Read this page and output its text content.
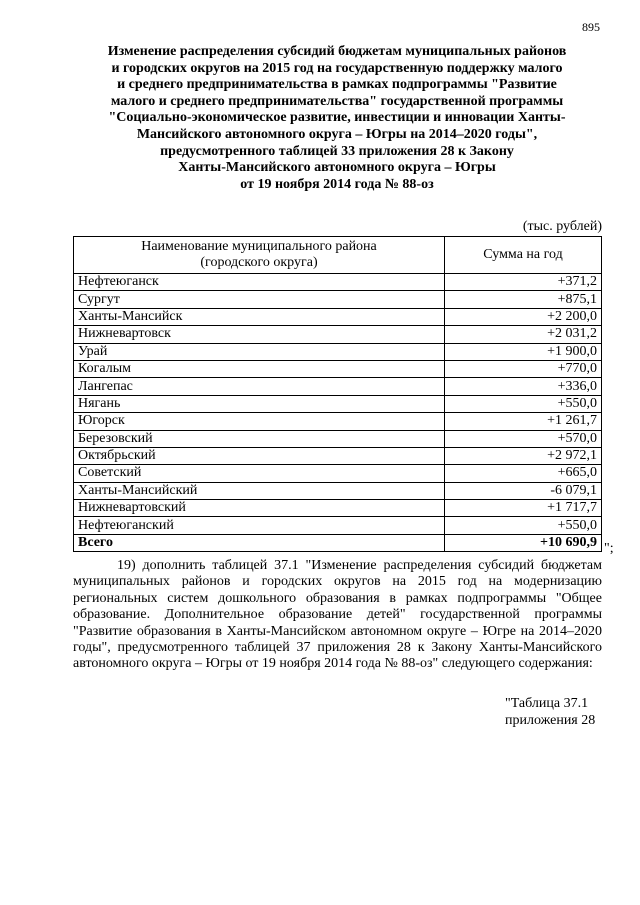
895
Изменение распределения субсидий бюджетам муниципальных районов
и городских округов на 2015 год на государственную поддержку малого
и среднего предпринимательства в рамках подпрограммы "Развитие
малого и среднего предпринимательства" государственной программы
"Социально-экономическое развитие, инвестиции и инновации Ханты-
Мансийского автономного округа – Югры на 2014–2020 годы",
предусмотренного таблицей 33 приложения 28 к Закону
Ханты-Мансийского автономного округа – Югры
от 19 ноября 2014 года № 88-оз
(тыс. рублей)
Наименование муниципального района
(городского округа)	Сумма на год
Нефтеюганск	+371,2
Сургут	+875,1
Ханты-Мансийск	+2 200,0
Нижневартовск	+2 031,2
Урай	+1 900,0
Когалым	+770,0
Лангепас	+336,0
Нягань	+550,0
Югорск	+1 261,7
Березовский	+570,0
Октябрьский	+2 972,1
Советский	+665,0
Ханты-Мансийский	-6 079,1
Нижневартовский	+1 717,7
Нефтеюганский	+550,0
Всего	+10 690,9 ";

19) дополнить таблицей 37.1 "Изменение распределения субсидий бюджетам муниципальных районов и городских округов на 2015 год на модернизацию региональных систем дошкольного образования в рамках подпрограммы "Общее образование. Дополнительное образование детей" государственной программы "Развитие образования в Ханты-Мансийском автономном округе – Югре на 2014–2020 годы", предусмотренного таблицей 37 приложения 28 к Закону Ханты-Мансийского автономного округа – Югры от 19 ноября 2014 года № 88-оз" следующего содержания:

"Таблица 37.1
приложения 28
